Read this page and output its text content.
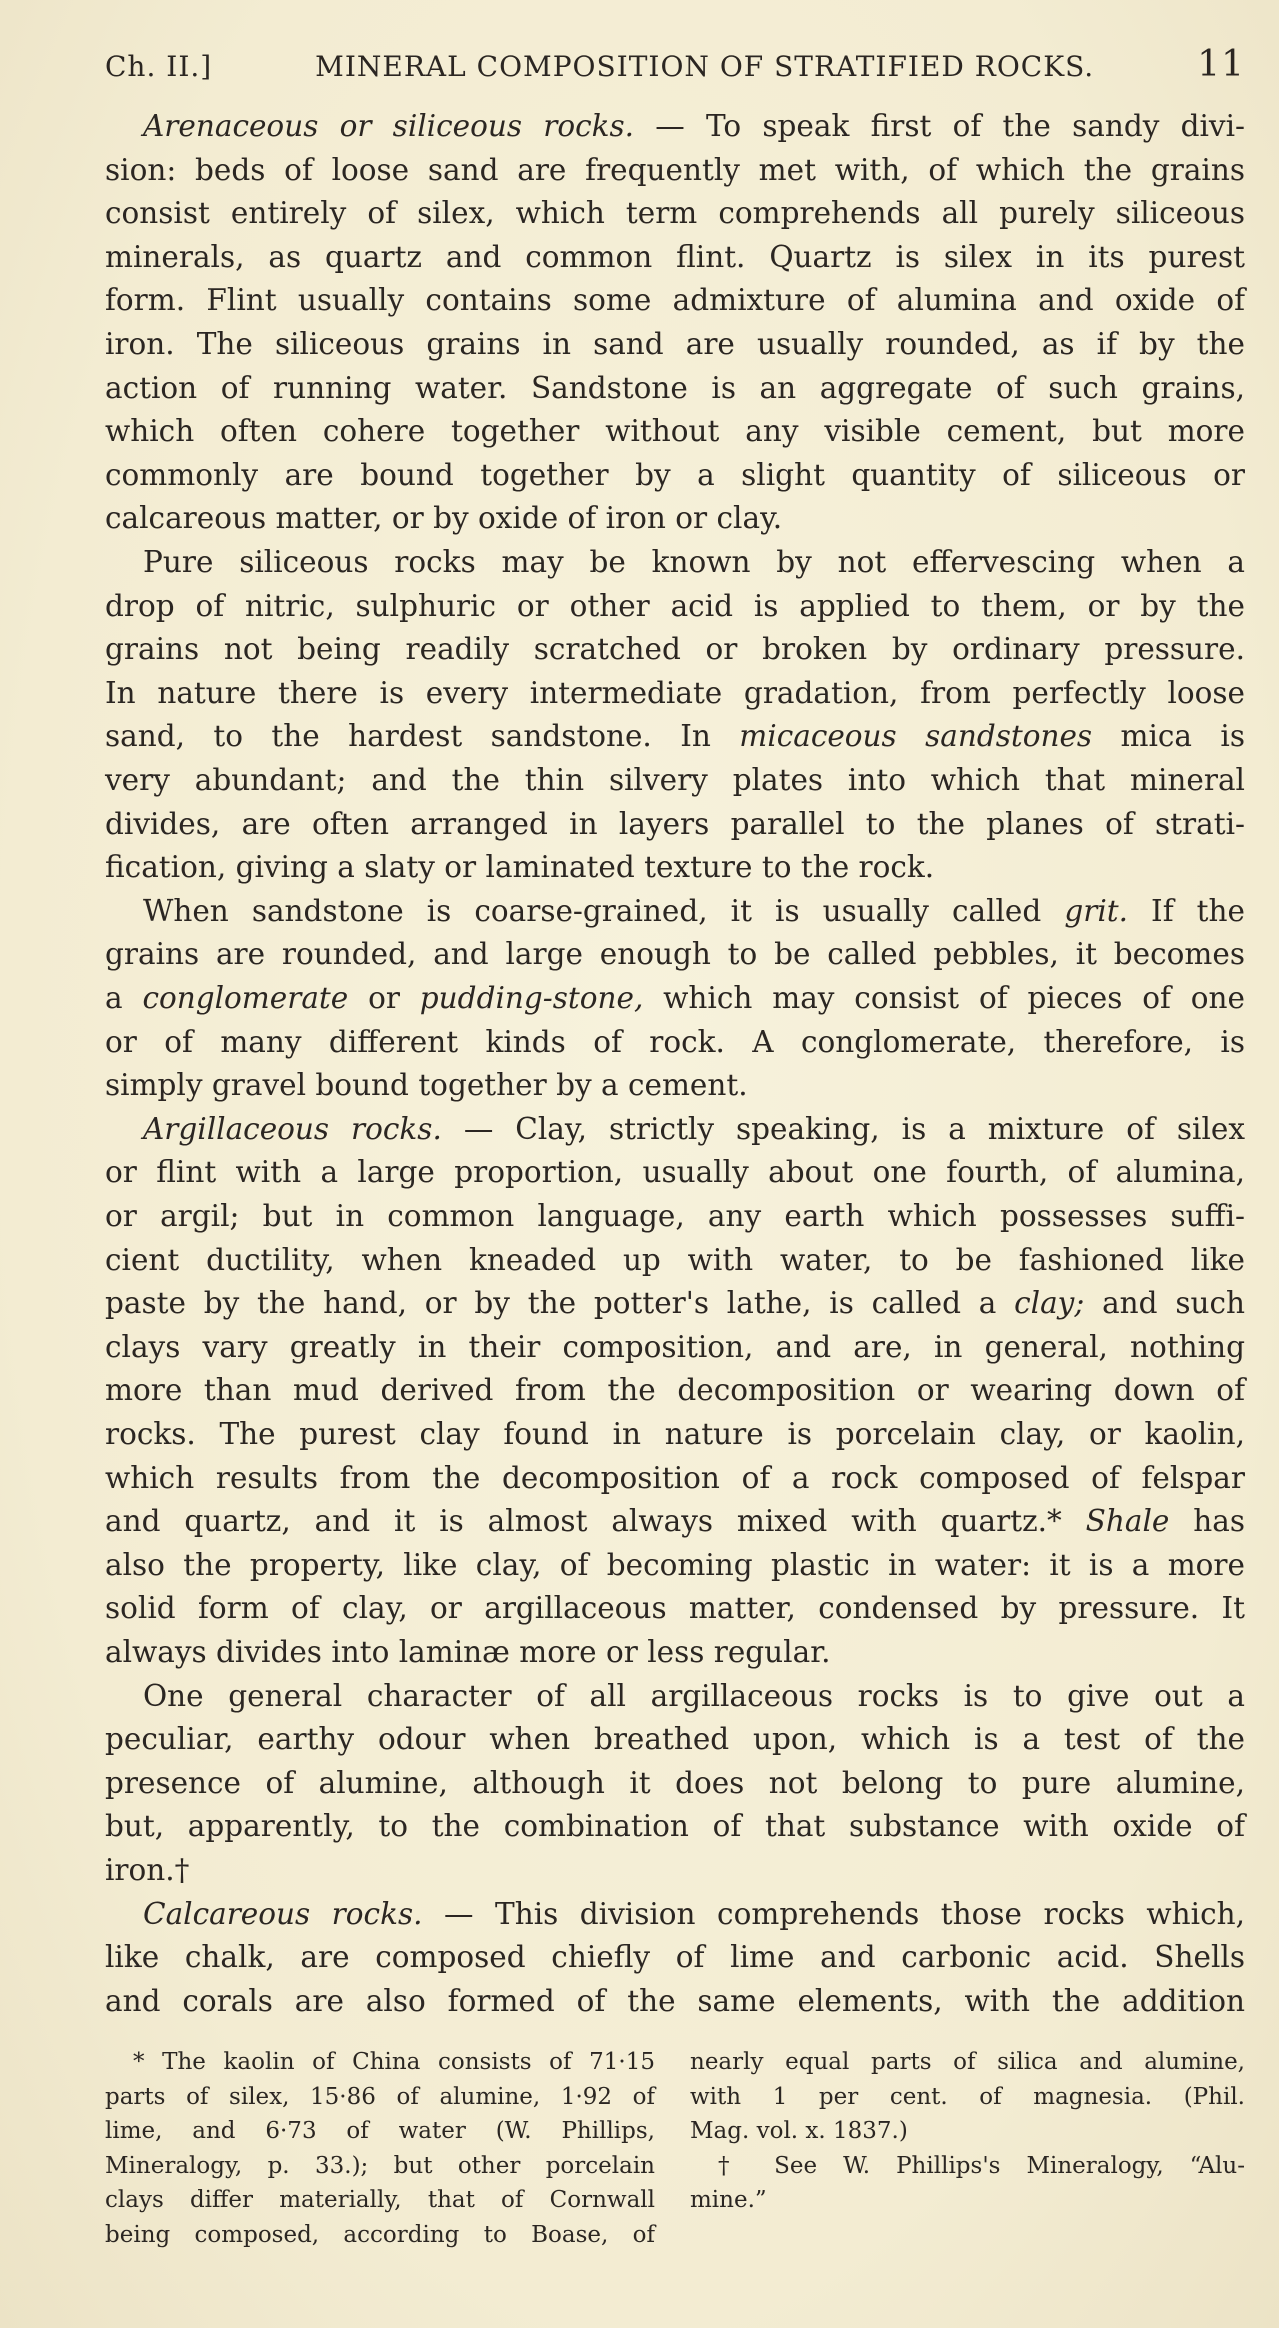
Ch. II.]	MINERAL COMPOSITION OF STRATIFIED ROCKS.	11
Arenaceous or siliceous rocks. — To speak first of the sandy divi-
sion: beds of loose sand are frequently met with, of which the grains
consist entirely of silex, which term comprehends all purely siliceous
minerals, as quartz and common flint. Quartz is silex in its purest
form. Flint usually contains some admixture of alumina and oxide of
iron. The siliceous grains in sand are usually rounded, as if by the
action of running water. Sandstone is an aggregate of such grains,
which often cohere together without any visible cement, but more
commonly are bound together by a slight quantity of siliceous or
calcareous matter, or by oxide of iron or clay.
Pure siliceous rocks may be known by not effervescing when a
drop of nitric, sulphuric or other acid is applied to them, or by the
grains not being readily scratched or broken by ordinary pressure.
In nature there is every intermediate gradation, from perfectly loose
sand, to the hardest sandstone. In micaceous sandstones mica is
very abundant; and the thin silvery plates into which that mineral
divides, are often arranged in layers parallel to the planes of strati-
fication, giving a slaty or laminated texture to the rock.
When sandstone is coarse-grained, it is usually called grit. If the
grains are rounded, and large enough to be called pebbles, it becomes
a conglomerate or pudding-stone, which may consist of pieces of one
or of many different kinds of rock. A conglomerate, therefore, is
simply gravel bound together by a cement.
Argillaceous rocks. — Clay, strictly speaking, is a mixture of silex
or flint with a large proportion, usually about one fourth, of alumina,
or argil; but in common language, any earth which possesses suffi-
cient ductility, when kneaded up with water, to be fashioned like
paste by the hand, or by the potter's lathe, is called a clay; and such
clays vary greatly in their composition, and are, in general, nothing
more than mud derived from the decomposition or wearing down of
rocks. The purest clay found in nature is porcelain clay, or kaolin,
which results from the decomposition of a rock composed of felspar
and quartz, and it is almost always mixed with quartz.* Shale has
also the property, like clay, of becoming plastic in water: it is a more
solid form of clay, or argillaceous matter, condensed by pressure. It
always divides into laminæ more or less regular.
One general character of all argillaceous rocks is to give out a
peculiar, earthy odour when breathed upon, which is a test of the
presence of alumine, although it does not belong to pure alumine,
but, apparently, to the combination of that substance with oxide of
iron.†
Calcareous rocks. — This division comprehends those rocks which,
like chalk, are composed chiefly of lime and carbonic acid. Shells
and corals are also formed of the same elements, with the addition
* The kaolin of China consists of 71·15
parts of silex, 15·86 of alumine, 1·92 of
lime, and 6·73 of water (W. Phillips,
Mineralogy, p. 33.); but other porcelain
clays differ materially, that of Cornwall
being composed, according to Boase, of
nearly equal parts of silica and alumine,
with 1 per cent. of magnesia. (Phil.
Mag. vol. x. 1837.)
† See W. Phillips's Mineralogy, “Alu-
mine.”
